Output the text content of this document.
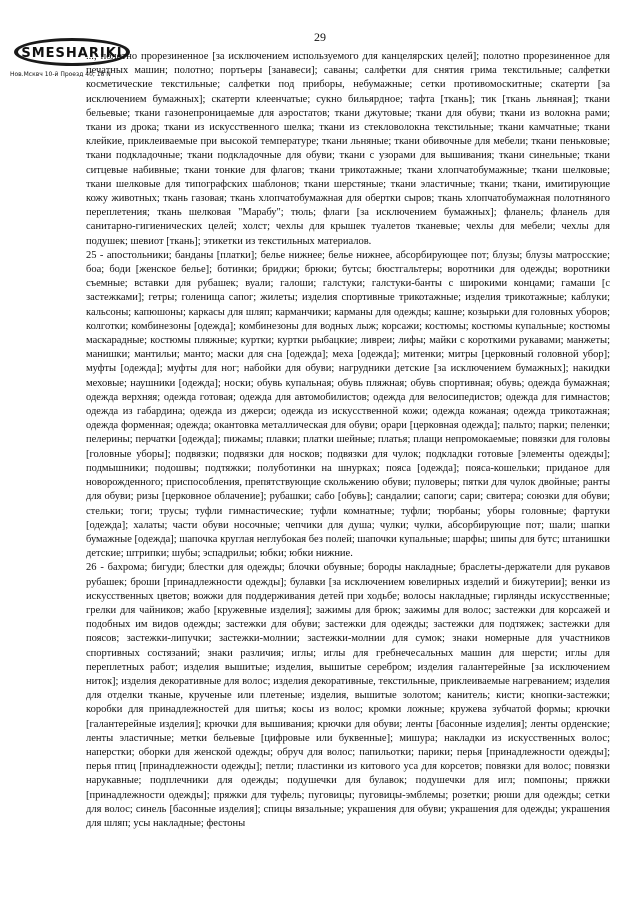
29
SMESHARIKI
Нов.Мсквч 10-й Проезд 40, 18 N

...; полотно прорезиненное [за исключением используемого для канцелярских целей]; полотно прорезиненное для печатных машин; полотно; портьеры [занавеси]; саваны; салфетки для снятия грима текстильные; салфетки косметические текстильные; салфетки под приборы, небумажные; сетки противомоскитные; скатерти [за исключением бумажных]; скатерти клеенчатые; сукно бильярдное; тафта [ткань]; тик [ткань льняная]; ткани бельевые; ткани газонепроницаемые для аэростатов; ткани джутовые; ткани для обуви; ткани из волокна рами; ткани из дрока; ткани из искусственного шелка; ткани из стекловолокна текстильные; ткани камчатные; ткани клейкие, приклеиваемые при высокой температуре; ткани льняные; ткани обивочные для мебели; ткани пеньковые; ткани подкладочные; ткани подкладочные для обуви; ткани с узорами для вышивания; ткани синельные; ткани ситцевые набивные; ткани тонкие для флагов; ткани трикотажные; ткани хлопчатобумажные; ткани шелковые; ткани шелковые для типографских шаблонов; ткани шерстяные; ткани эластичные; ткани; ткани, имитирующие кожу животных; ткань газовая; ткань хлопчатобумажная для обертки сыров; ткань хлопчатобумажная полотняного переплетения; ткань шелковая "Марабу"; тюль; флаги [за исключением бумажных]; фланель; фланель для санитарно-гигиенических целей; холст; чехлы для крышек туалетов тканевые; чехлы для мебели; чехлы для подушек; шевиот [ткань]; этикетки из текстильных материалов.

25 - апостольники; банданы [платки]; белье нижнее; белье нижнее, абсорбирующее пот; блузы; блузы матросские; боа; боди [женское белье]; ботинки; бриджи; брюки; бутсы; бюстгальтеры; воротники для одежды; воротники съемные; вставки для рубашек; вуали; галоши; галстуки; галстуки-банты с широкими концами; гамаши [с застежками]; гетры; голенища сапог; жилеты; изделия спортивные трикотажные; изделия трикотажные; каблуки; кальсоны; капюшоны; каркасы для шляп; карманчики; карманы для одежды; кашне; козырьки для головных уборов; колготки; комбинезоны [одежда]; комбинезоны для водных лыж; корсажи; костюмы; костюмы купальные; костюмы маскарадные; костюмы пляжные; куртки; куртки рыбацкие; ливреи; лифы; майки с короткими рукавами; манжеты; манишки; мантильи; манто; маски для сна [одежда]; меха [одежда]; митенки; митры [церковный головной убор]; муфты [одежда]; муфты для ног; набойки для обуви; нагрудники детские [за исключением бумажных]; накидки меховые; наушники [одежда]; носки; обувь купальная; обувь пляжная; обувь спортивная; обувь; одежда бумажная; одежда верхняя; одежда готовая; одежда для автомобилистов; одежда для велосипедистов; одежда для гимнастов; одежда из габардина; одежда из джерси; одежда из искусственной кожи; одежда кожаная; одежда трикотажная; одежда форменная; одежда; окантовка металлическая для обуви; орари [церковная одежда]; пальто; парки; пеленки; пелерины; перчатки [одежда]; пижамы; плавки; платки шейные; платья; плащи непромокаемые; повязки для головы [головные уборы]; подвязки; подвязки для носков; подвязки для чулок; подкладки готовые [элементы одежды]; подмышники; подошвы; подтяжки; полуботинки на шнурках; пояса [одежда]; пояса-кошельки; приданое для новорожденного; приспособления, препятствующие скольжению обуви; пуловеры; пятки для чулок двойные; ранты для обуви; ризы [церковное облачение]; рубашки; сабо [обувь]; сандалии; сапоги; сари; свитера; союзки для обуви; стельки; тоги; трусы; туфли гимнастические; туфли комнатные; туфли; тюрбаны; уборы головные; фартуки [одежда]; халаты; части обуви носочные; чепчики для душа; чулки; чулки, абсорбирующие пот; шали; шапки бумажные [одежда]; шапочка круглая неглубокая без полей; шапочки купальные; шарфы; шипы для бутс; штанишки детские; штрипки; шубы; эспадрильи; юбки; юбки нижние.

26 - бахрома; бигуди; блестки для одежды; блочки обувные; бороды накладные; браслеты-держатели для рукавов рубашек; броши [принадлежности одежды]; булавки [за исключением ювелирных изделий и бижутерии]; венки из искусственных цветов; вожжи для поддерживания детей при ходьбе; волосы накладные; гирлянды искусственные; грелки для чайников; жабо [кружевные изделия]; зажимы для брюк; зажимы для волос; застежки для корсажей и подобных им видов одежды; застежки для обуви; застежки для одежды; застежки для подтяжек; застежки для поясов; застежки-липучки; застежки-молнии; застежки-молнии для сумок; знаки номерные для участников спортивных состязаний; знаки различия; иглы; иглы для гребнечесальных машин для шерсти; иглы для переплетных работ; изделия вышитые; изделия, вышитые серебром; изделия галантерейные [за исключением ниток]; изделия декоративные для волос; изделия декоративные, текстильные, приклеиваемые нагреванием; изделия для отделки тканые, крученые или плетеные; изделия, вышитые золотом; канитель; кисти; кнопки-застежки; коробки для принадлежностей для шитья; косы из волос; кромки ложные; кружева зубчатой формы; крючки [галантерейные изделия]; крючки для вышивания; крючки для обуви; ленты [басонные изделия]; ленты орденские; ленты эластичные; метки бельевые [цифровые или буквенные]; мишура; накладки из искусственных волос; наперстки; оборки для женской одежды; обруч для волос; папильотки; парики; перья [принадлежности одежды]; перья птиц [принадлежности одежды]; петли; пластинки из китового уса для корсетов; повязки для волос; повязки нарукавные; подплечники для одежды; подушечки для булавок; подушечки для игл; помпоны; пряжки [принадлежности одежды]; пряжки для туфель; пуговицы; пуговицы-эмблемы; розетки; рюши для одежды; сетки для волос; синель [басонные изделия]; спицы вязальные; украшения для обуви; украшения для одежды; украшения для шляп; усы накладные; фестоны
